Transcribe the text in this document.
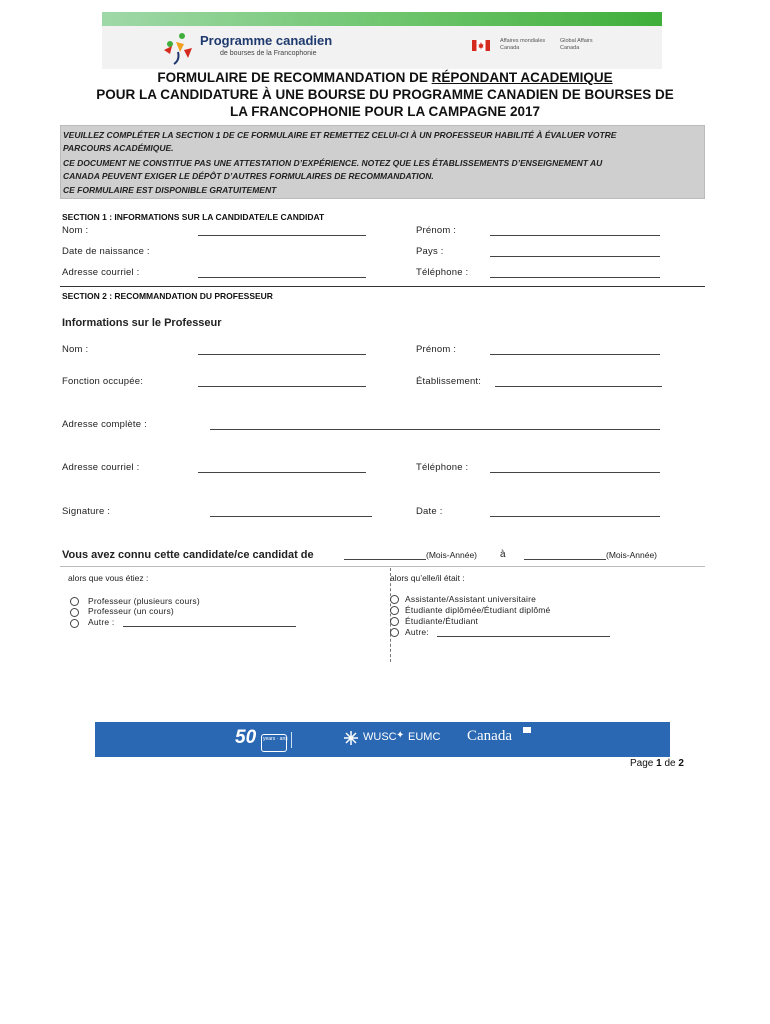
Programme canadien
de bourses de la Francophonie
Affaires mondiales
Canada
Global Affairs
Canada
FORMULAIRE DE RECOMMANDATION DE RÉPONDANT ACADEMIQUE
POUR LA CANDIDATURE À UNE BOURSE DU PROGRAMME CANADIEN DE BOURSES DE
LA FRANCOPHONIE POUR LA CAMPAGNE 2017

VEUILLEZ COMPLÉTER LA SECTION 1 DE CE FORMULAIRE ET REMETTEZ CELUI-CI À UN PROFESSEUR HABILITÉ À ÉVALUER VOTRE

PARCOURS ACADÉMIQUE.

CE DOCUMENT NE CONSTITUE PAS UNE ATTESTATION D’EXPÉRIENCE. NOTEZ QUE LES ÉTABLISSEMENTS D’ENSEIGNEMENT AU

CANADA PEUVENT EXIGER LE DÉPÔT D’AUTRES FORMULAIRES DE RECOMMANDATION.

CE FORMULAIRE EST DISPONIBLE GRATUITEMENT

SECTION 1 : INFORMATIONS SUR LA CANDIDATE/LE CANDIDAT
Nom :	Prénom :
Date de naissance :	Pays :
Adresse courriel :	Téléphone :
SECTION 2 : RECOMMANDATION DU PROFESSEUR
Informations sur le Professeur
Nom :	Prénom :
Fonction occupée:	Établissement:
Adresse complète :
Adresse courriel :	Téléphone :
Signature :	Date :
Vous avez connu cette candidate/ce candidat de	(Mois-Année) à	(Mois-Année)
alors que vous étiez :	alors qu’elle/il était :
Professeur (plusieurs cours)
Professeur (un cours)
Autre :
Assistante/Assistant universitaire
Étudiante diplômée/Étudiant diplômé
Étudiante/Étudiant
Autre:
50	years · ans	WUSC ✦ EUMC Canada
Page 1 de 2
